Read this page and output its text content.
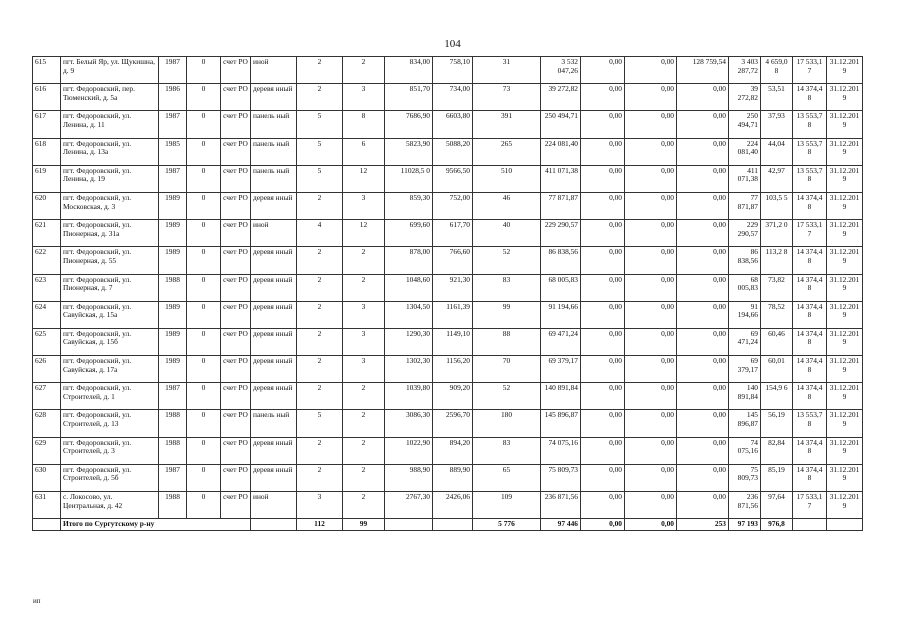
104
615	пгт. Белый Яр, ул. Щукишна, д. 9	1987	0	счет РО	иной	2	2	834,00	758,10	31	3 532 047,26	0,00	0,00	128 759,54	3 403 287,72	4 659,0 8	17 533,1 7	31.12.201 9
616	пгт. Федоровский, пер. Тюменский, д. 5а	1986	0	счет РО	деревя нный	2	3	851,70	734,00	73	39 272,82	0,00	0,00	0,00	39 272,82	53,51	14 374,4 8	31.12.201 9
617	пгт. Федоровский, ул. Ленина, д. 11	1987	0	счет РО	панель ный	5	8	7686,90	6603,80	391	250 494,71	0,00	0,00	0,00	250 494,71	37,93	13 553,7 8	31.12.201 9
618	пгт. Федоровский, ул. Ленина, д. 13а	1985	0	счет РО	панель ный	5	6	5823,90	5088,20	265	224 081,40	0,00	0,00	0,00	224 081,40	44,04	13 553,7 8	31.12.201 9
619	пгт. Федоровский, ул. Ленина, д. 19	1987	0	счет РО	панель ный	5	12	11028,5 0	9566,50	510	411 071,38	0,00	0,00	0,00	411 071,38	42,97	13 553,7 8	31.12.201 9
620	пгт. Федоровский, ул. Московская, д. 3	1989	0	счет РО	деревя нный	2	3	859,30	752,00	46	77 871,87	0,00	0,00	0,00	77 871,87	103,5 5	14 374,4 8	31.12.201 9
621	пгт. Федоровский, ул. Пионерная, д. 31а	1989	0	счет РО	иной	4	12	699,60	617,70	40	229 290,57	0,00	0,00	0,00	229 290,57	371,2 0	17 533,1 7	31.12.201 9
622	пгт. Федоровский, ул. Пионерная, д. 55	1989	0	счет РО	деревя нный	2	2	878,00	766,60	52	86 838,56	0,00	0,00	0,00	86 838,56	113,2 8	14 374,4 8	31.12.201 9
623	пгт. Федоровский, ул. Пионерная, д. 7	1988	0	счет РО	деревя нный	2	2	1048,60	921,30	83	68 005,83	0,00	0,00	0,00	68 005,83	73,82	14 374,4 8	31.12.201 9
624	пгт. Федоровский, ул. Савуйская, д. 15а	1989	0	счет РО	деревя нный	2	3	1304,50	1161,39	99	91 194,66	0,00	0,00	0,00	91 194,66	78,52	14 374,4 8	31.12.201 9
625	пгт. Федоровский, ул. Савуйская, д. 15б	1989	0	счет РО	деревя нный	2	3	1290,30	1149,10	88	69 471,24	0,00	0,00	0,00	69 471,24	60,46	14 374,4 8	31.12.201 9
626	пгт. Федоровский, ул. Савуйская, д. 17а	1989	0	счет РО	деревя нный	2	3	1302,30	1156,20	70	69 379,17	0,00	0,00	0,00	69 379,17	60,01	14 374,4 8	31.12.201 9
627	пгт. Федоровский, ул. Строителей, д. 1	1987	0	счет РО	деревя нный	2	2	1039,80	909,20	52	140 891,84	0,00	0,00	0,00	140 891,84	154,9 6	14 374,4 8	31.12.201 9
628	пгт. Федоровский, ул. Строителей, д. 13	1988	0	счет РО	панель ный	5	2	3086,30	2596,70	180	145 896,87	0,00	0,00	0,00	145 896,87	56,19	13 553,7 8	31.12.201 9
629	пгт. Федоровский, ул. Строителей, д. 3	1988	0	счет РО	деревя нный	2	2	1022,90	894,20	83	74 075,16	0,00	0,00	0,00	74 075,16	82,84	14 374,4 8	31.12.201 9
630	пгт. Федоровский, ул. Строителей, д. 5б	1987	0	счет РО	деревя нный	2	2	988,90	889,90	65	75 809,73	0,00	0,00	0,00	75 809,73	85,19	14 374,4 8	31.12.201 9
631	с. Локосово, ул. Центральная, д. 42	1988	0	счет РО	иной	3	2	2767,30	2426,06	109	236 871,56	0,00	0,00	0,00	236 871,56	97,64	17 533,1 7	31.12.201 9
	Итого по Сургутскому р-ну					112	99			5 776	97 446	0,00	0,00	253	97 193	976,8		
ип
